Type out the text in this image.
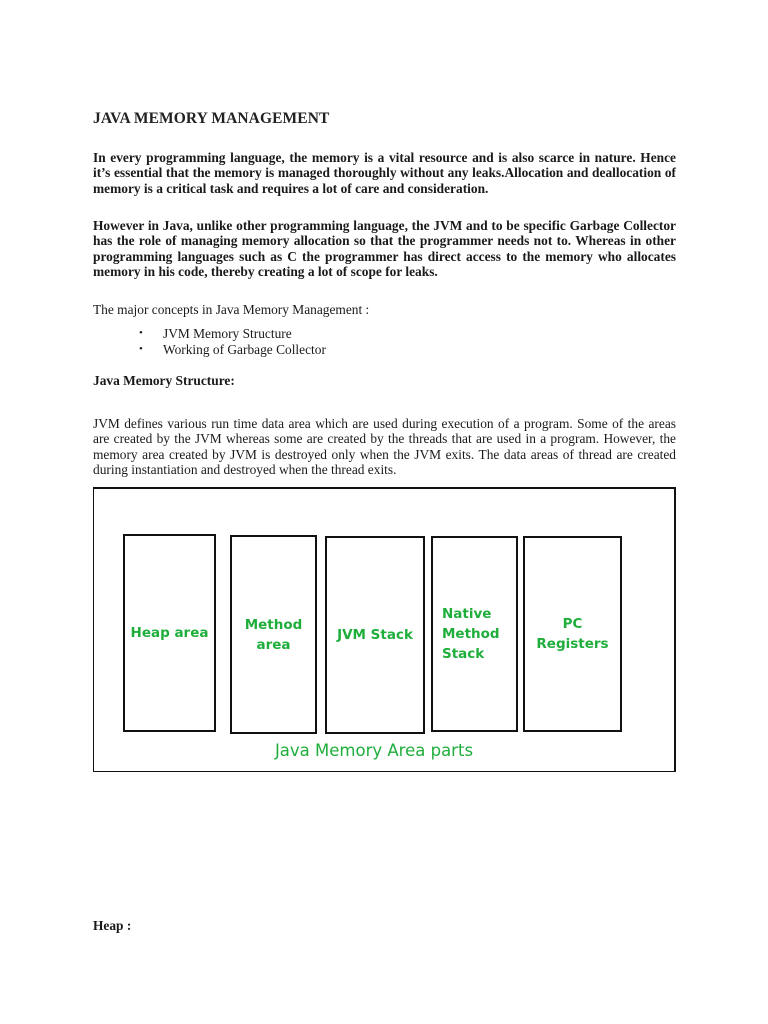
JAVA MEMORY MANAGEMENT

In every programming language, the memory is a vital resource and is also scarce in nature. Hence it’s essential that the memory is managed thoroughly without any leaks.Allocation and deallocation of memory is a critical task and requires a lot of care and consideration.

However in Java, unlike other programming language, the JVM and to be specific Garbage Collector has the role of managing memory allocation so that the programmer needs not to. Whereas in other programming languages such as C the programmer has direct access to the memory who allocates memory in his code, thereby creating a lot of scope for leaks.

The major concepts in Java Memory Management :

• JVM Memory Structure
• Working of Garbage Collector
Java Memory Structure:

JVM defines various run time data area which are used during execution of a program. Some of the areas are created by the JVM whereas some are created by the threads that are used in a program. However, the memory area created by JVM is destroyed only when the JVM exits. The data areas of thread are created during instantiation and destroyed when the thread exits.

Heap area
Method
area
JVM Stack
Native
Method
Stack
PC Registers
Java Memory Area parts
Heap :
